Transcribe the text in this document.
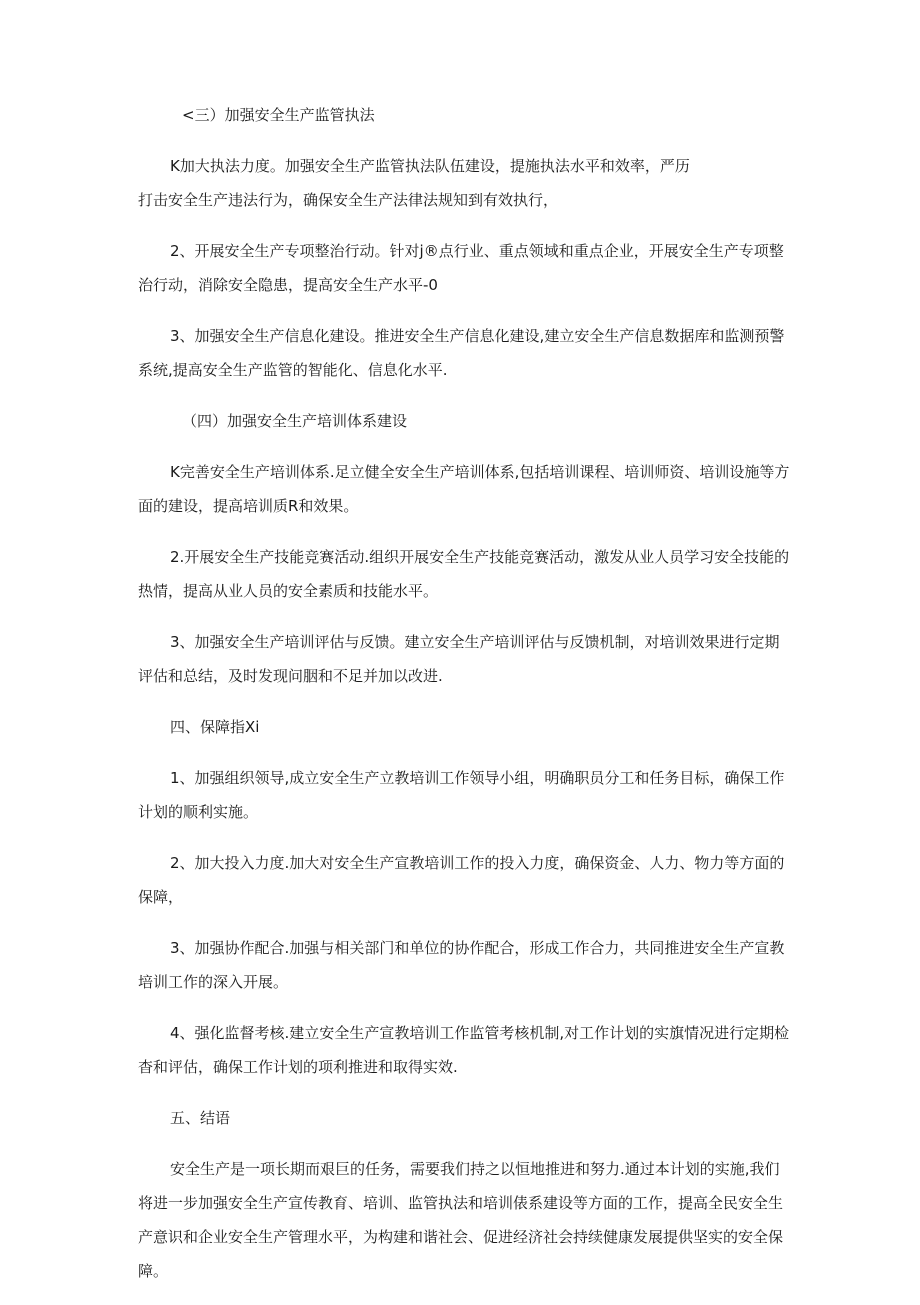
<三）加强安全生产监管执法
K加大执法力度。加强安全生产监管执法队伍建设，提施执法水平和效率，严历
打击安全生产违法行为，确保安全生产法律法规知到有效执行，
2、开展安全生产专项整治行动。针对j®点行业、重点领域和重点企业，开展安全生产专项整治行动，消除安全隐患，提高安全生产水平-0
3、加强安全生产信息化建设。推进安全生产信息化建设,建立安全生产信息数据库和监测预警系统,提高安全生产监管的智能化、信息化水平.
（四）加强安全生产培训体系建设
K完善安全生产培训体系.足立健全安全生产培训体系,包括培训课程、培训师资、培训设施等方面的建设，提高培训质R和效果。
2.开展安全生产技能竞赛活动.组织开展安全生产技能竞赛活动，激发从业人员学习安全技能的热情，提高从业人员的安全素质和技能水平。
3、加强安全生产培训评估与反馈。建立安全生产培训评估与反馈机制，对培训效果进行定期评估和总结，及时发现问胭和不足并加以改进.
四、保障指Xi
1、加强组织领导,成立安全生产立教培训工作领导小组，明确职员分工和任务目标，确保工作计划的顺利实施。
2、加大投入力度.加大对安全生产宣教培训工作的投入力度，确保资金、人力、物力等方面的保障，
3、加强协作配合.加强与相关部门和单位的协作配合，形成工作合力，共同推进安全生产宣教培训工作的深入开展。
4、强化监督考核.建立安全生产宣教培训工作监管考核机制,对工作计划的实旗情况进行定期检杳和评估，确保工作计划的项利推进和取得实效.
五、结语
安全生产是一项长期而艰巨的任务，需要我们持之以恒地推进和努力.通过本计划的实施,我们将进一步加强安全生产宣传教育、培训、监管执法和培训俵系建设等方面的工作，提高全民安全生产意识和企业安全生产管理水平，为构建和谐社会、促进经济社会持续健康发展提供坚实的安全保障。
